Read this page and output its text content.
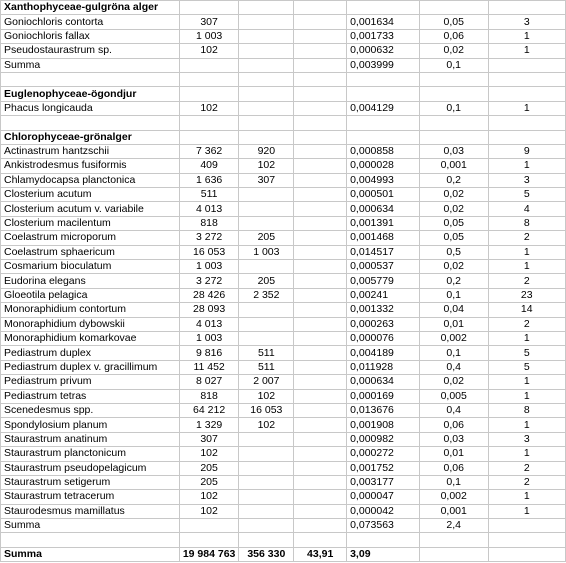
Xanthophyceae-gulgröna alger						
Goniochloris contorta	307			0,001634	0,05	3
Goniochloris fallax	1 003			0,001733	0,06	1
Pseudostaurastrum sp.	102			0,000632	0,02	1
Summa				0,003999	0,1	

Euglenophyceae-ögondjur						
Phacus longicauda	102			0,004129	0,1	1

Chlorophyceae-grönalger						
Actinastrum hantzschii	7 362	920		0,000858	0,03	9
Ankistrodesmus fusiformis	409	102		0,000028	0,001	1
Chlamydocapsa planctonica	1 636	307		0,004993	0,2	3
Closterium acutum	511			0,000501	0,02	5
Closterium acutum v. variabile	4 013			0,000634	0,02	4
Closterium macilentum	818			0,001391	0,05	8
Coelastrum microporum	3 272	205		0,001468	0,05	2
Coelastrum sphaericum	16 053	1 003		0,014517	0,5	1
Cosmarium bioculatum	1 003			0,000537	0,02	1
Eudorina elegans	3 272	205		0,005779	0,2	2
Gloeotila pelagica	28 426	2 352		0,00241	0,1	23
Monoraphidium contortum	28 093			0,001332	0,04	14
Monoraphidium dybowskii	4 013			0,000263	0,01	2
Monoraphidium komarkovae	1 003			0,000076	0,002	1
Pediastrum duplex	9 816	511		0,004189	0,1	5
Pediastrum duplex v. gracillimum	11 452	511		0,011928	0,4	5
Pediastrum privum	8 027	2 007		0,000634	0,02	1
Pediastrum tetras	818	102		0,000169	0,005	1
Scenedesmus spp.	64 212	16 053		0,013676	0,4	8
Spondylosium planum	1 329	102		0,001908	0,06	1
Staurastrum anatinum	307			0,000982	0,03	3
Staurastrum planctonicum	102			0,000272	0,01	1
Staurastrum pseudopelagicum	205			0,001752	0,06	2
Staurastrum setigerum	205			0,003177	0,1	2
Staurastrum tetracerum	102			0,000047	0,002	1
Staurodesmus mamillatus	102			0,000042	0,001	1
Summa				0,073563	2,4	

Summa	19 984 763	356 330	43,91	3,09		
